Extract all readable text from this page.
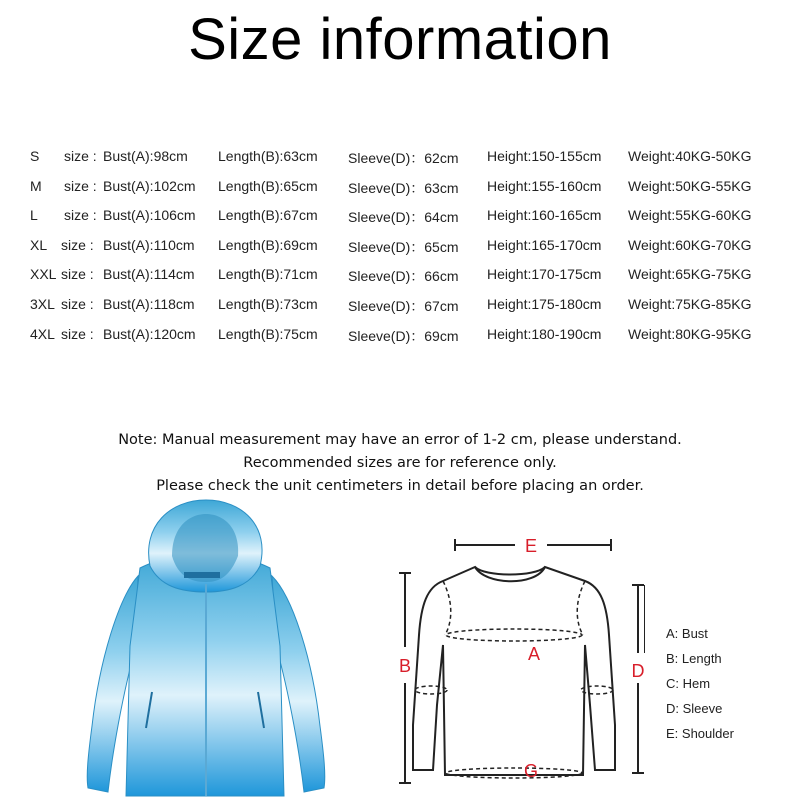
Size information
S size : Bust(A):98cm Length(B):63cm Sleeve(D)：62cm Height:150-155cm Weight:40KG-50KG
M size : Bust(A):102cm Length(B):65cm Sleeve(D)：63cm Height:155-160cm Weight:50KG-55KG
L size : Bust(A):106cm Length(B):67cm Sleeve(D)：64cm Height:160-165cm Weight:55KG-60KG
XL size : Bust(A):110cm Length(B):69cm Sleeve(D)：65cm Height:165-170cm Weight:60KG-70KG
XXL size : Bust(A):114cm Length(B):71cm Sleeve(D)：66cm Height:170-175cm Weight:65KG-75KG
3XL size : Bust(A):118cm Length(B):73cm Sleeve(D)：67cm Height:175-180cm Weight:75KG-85KG
4XL size : Bust(A):120cm Length(B):75cm Sleeve(D)：69cm Height:180-190cm Weight:80KG-95KG
Note: Manual measurement may have an error of 1-2 cm, please understand.
Recommended sizes are for reference only.
Please check the unit centimeters in detail before placing an order.
E
B	D
A
G
A: Bust
B: Length
C: Hem
D: Sleeve
E: Shoulder
